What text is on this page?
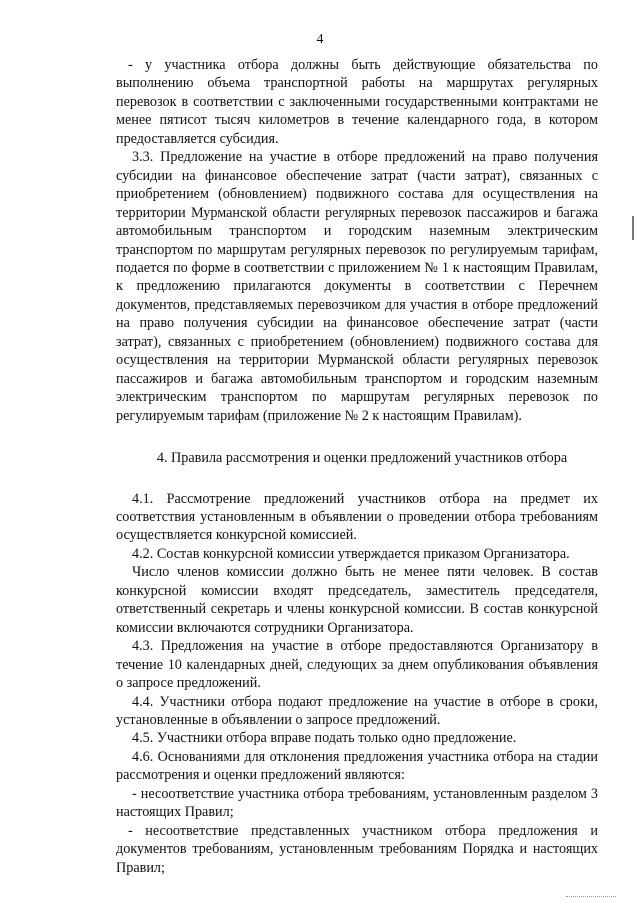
4

- у участника отбора должны быть действующие обязательства по выполнению объема транспортной работы на маршрутах регулярных перевозок в соответствии с заключенными государственными контрактами не менее пятисот тысяч километров в течение календарного года, в котором предоставляется субсидия.

3.3. Предложение на участие в отборе предложений на право получения субсидии на финансовое обеспечение затрат (части затрат), связанных с приобретением (обновлением) подвижного состава для осуществления на территории Мурманской области регулярных перевозок пассажиров и багажа автомобильным транспортом и городским наземным электрическим транспортом по маршрутам регулярных перевозок по регулируемым тарифам, подается по форме в соответствии с приложением № 1 к настоящим Правилам, к предложению прилагаются документы в соответствии с Перечнем документов, представляемых перевозчиком для участия в отборе предложений на право получения субсидии на финансовое обеспечение затрат (части затрат), связанных с приобретением (обновлением) подвижного состава для осуществления на территории Мурманской области регулярных перевозок пассажиров и багажа автомобильным транспортом и городским наземным электрическим транспортом по маршрутам регулярных перевозок по регулируемым тарифам (приложение № 2 к настоящим Правилам).

4. Правила рассмотрения и оценки предложений участников отбора

4.1. Рассмотрение предложений участников отбора на предмет их соответствия установленным в объявлении о проведении отбора требованиям осуществляется конкурсной комиссией.

4.2. Состав конкурсной комиссии утверждается приказом Организатора.

Число членов комиссии должно быть не менее пяти человек. В состав конкурсной комиссии входят председатель, заместитель председателя, ответственный секретарь и члены конкурсной комиссии. В состав конкурсной комиссии включаются сотрудники Организатора.

4.3. Предложения на участие в отборе предоставляются Организатору в течение 10 календарных дней, следующих за днем опубликования объявления о запросе предложений.

4.4. Участники отбора подают предложение на участие в отборе в сроки, установленные в объявлении о запросе предложений.

4.5. Участники отбора вправе подать только одно предложение.

4.6. Основаниями для отклонения предложения участника отбора на стадии рассмотрения и оценки предложений являются:

- несоответствие участника отбора требованиям, установленным разделом 3 настоящих Правил;

- несоответствие представленных участником отбора предложения и документов требованиям, установленным требованиям Порядка и настоящих Правил;
